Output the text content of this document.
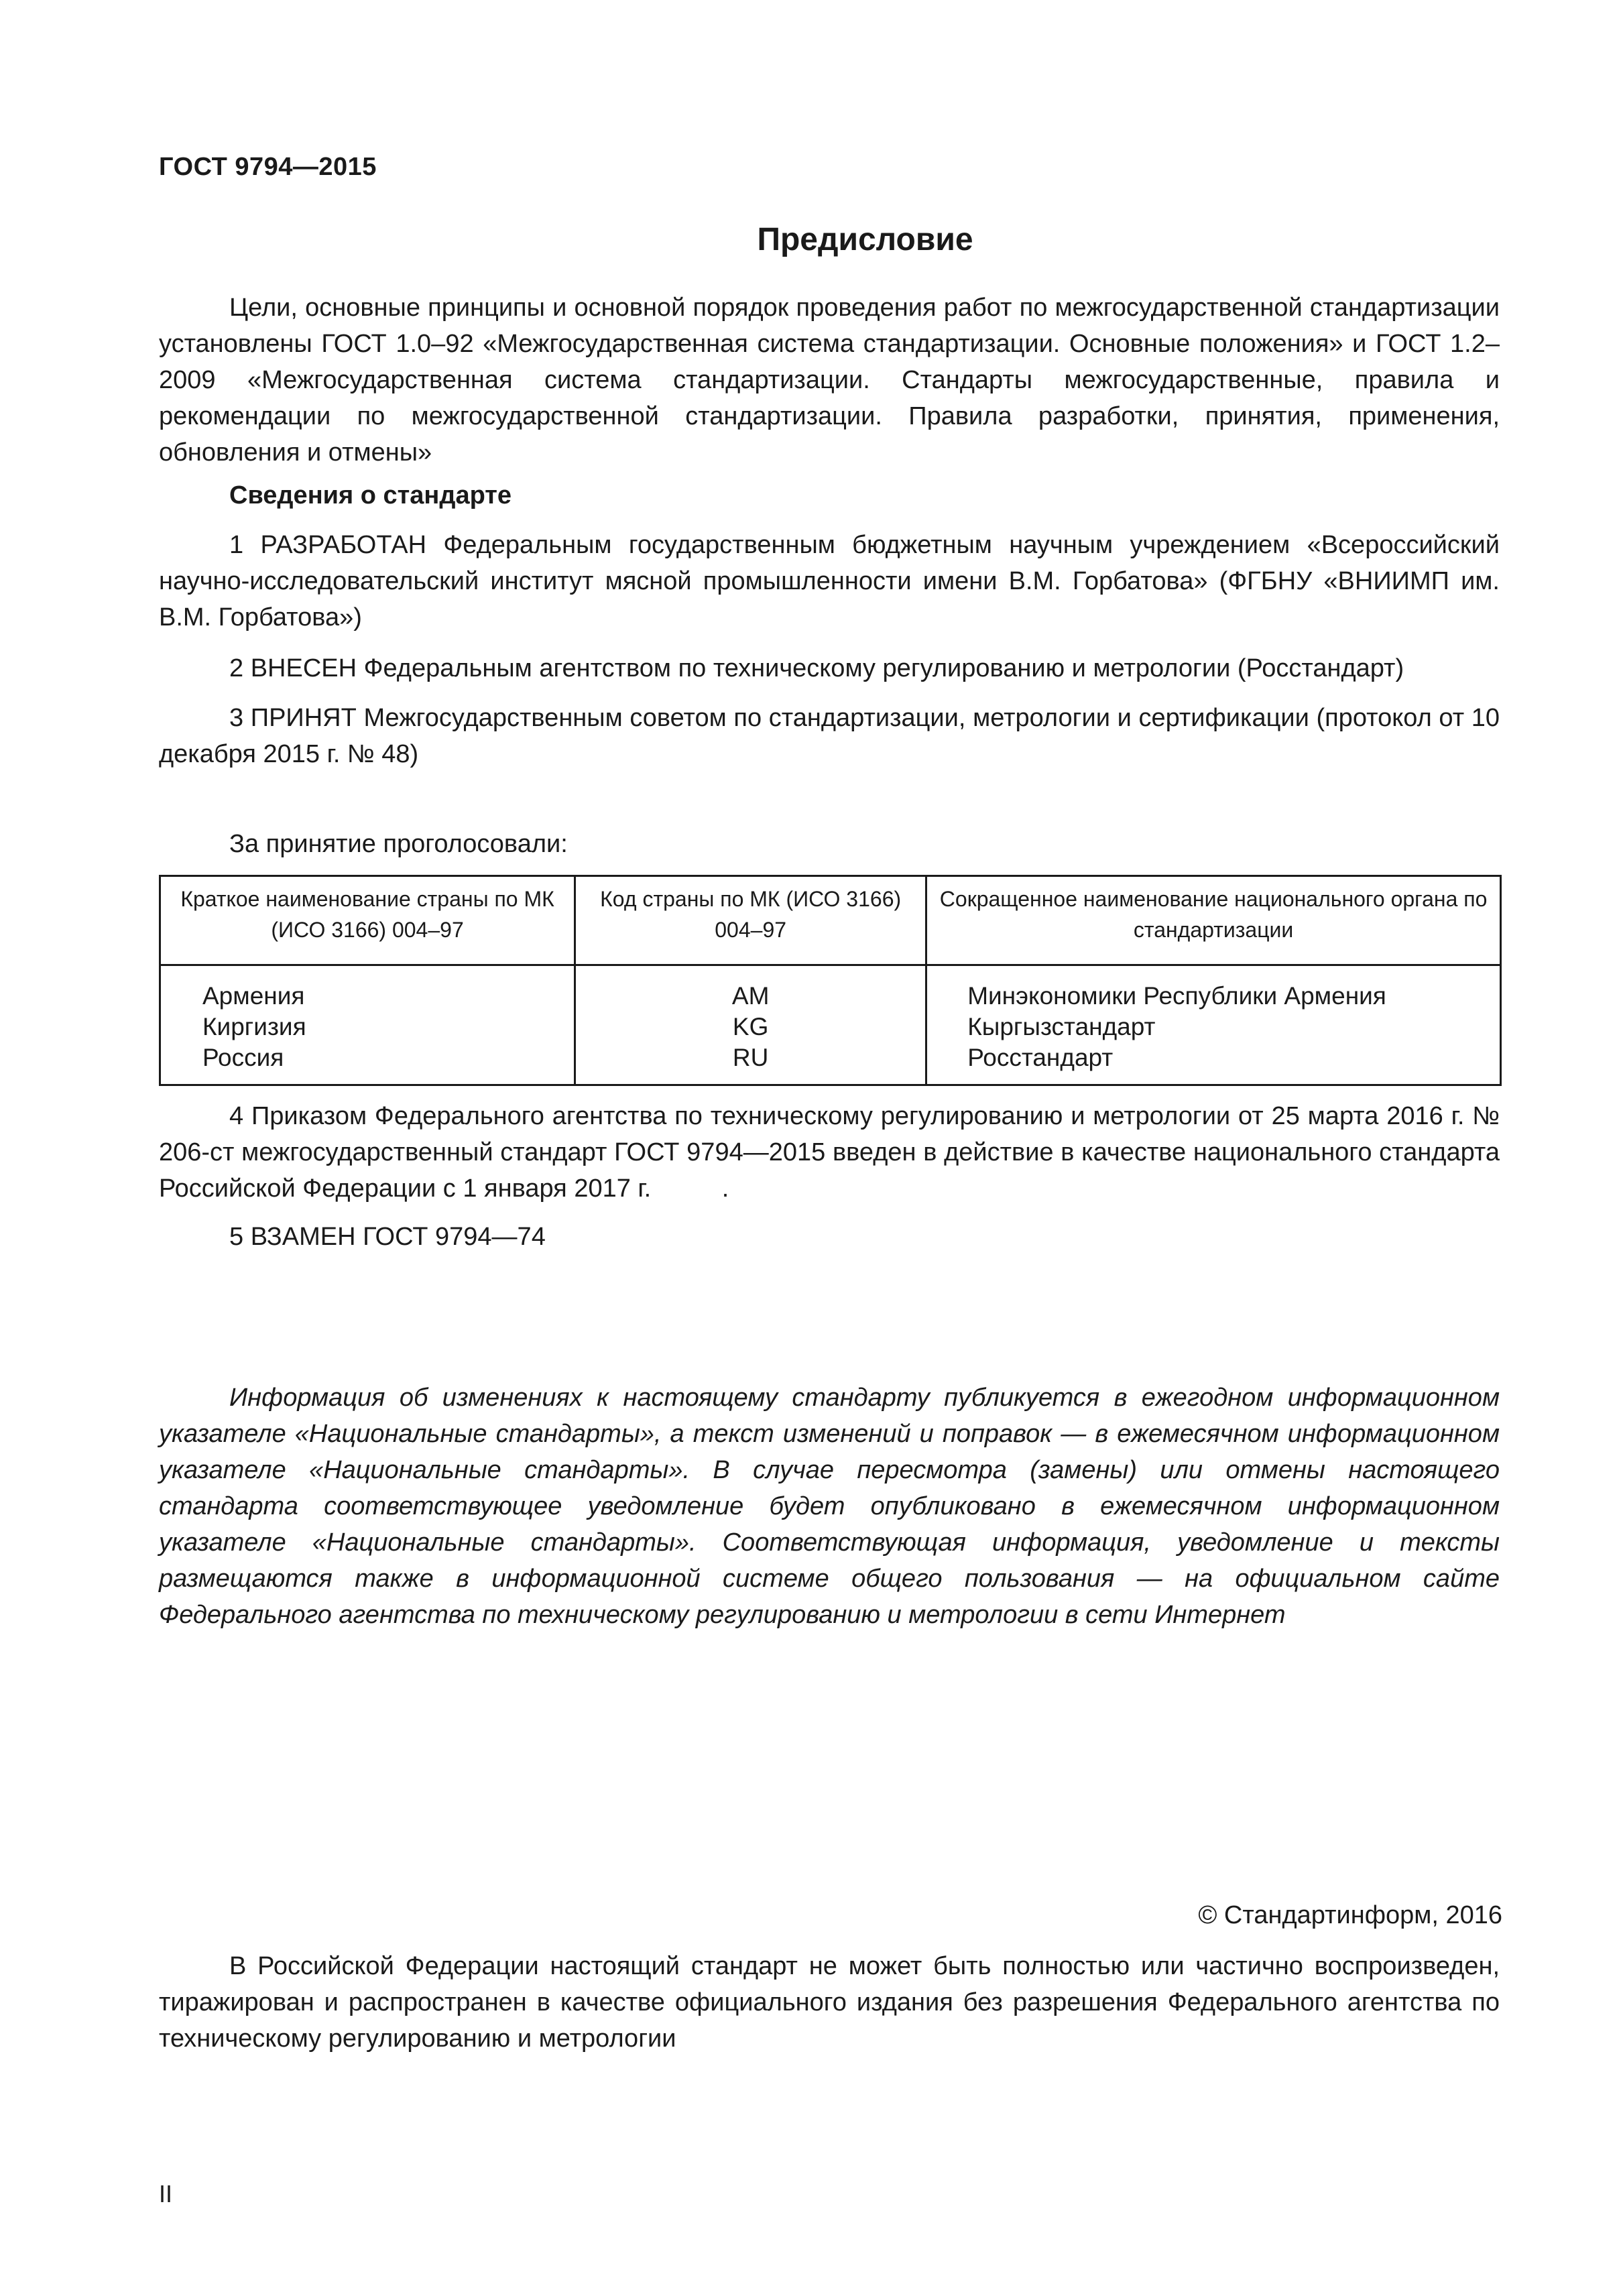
ГОСТ 9794—2015
Предисловие

Цели, основные принципы и основной порядок проведения работ по межгосударственной стандартизации установлены ГОСТ 1.0–92 «Межгосударственная система стандартизации. Основные положения» и ГОСТ 1.2–2009 «Межгосударственная система стандартизации. Стандарты межгосударственные, правила и рекомендации по межгосударственной стандартизации. Правила разработки, принятия, применения, обновления и отмены»

Сведения о стандарте

1 РАЗРАБОТАН Федеральным государственным бюджетным научным учреждением «Всероссийский научно-исследовательский институт мясной промышленности имени В.М. Горбатова» (ФГБНУ «ВНИИМП им. В.М. Горбатова»)

2 ВНЕСЕН Федеральным агентством по техническому регулированию и метрологии (Росстандарт)

3 ПРИНЯТ Межгосударственным советом по стандартизации, метрологии и сертификации (протокол от 10 декабря 2015 г. № 48)

За принятие проголосовали:

Краткое наименование страны по МК (ИСО 3166) 004–97	Код страны по МК (ИСО 3166) 004–97	Сокращенное наименование национального органа по стандартизации
Армения	AM	Минэкономики Республики Армения
Киргизия	KG	Кыргызстандарт
Россия	RU	Росстандарт

4 Приказом Федерального агентства по техническому регулированию и метрологии от 25 марта 2016 г. № 206-ст межгосударственный стандарт ГОСТ 9794—2015 введен в действие в качестве национального стандарта Российской Федерации с 1 января 2017 г.          .

5 ВЗАМЕН ГОСТ 9794—74

Информация об изменениях к настоящему стандарту публикуется в ежегодном информационном указателе «Национальные стандарты», а текст изменений и поправок — в ежемесячном информационном указателе «Национальные стандарты». В случае пересмотра (замены) или отмены настоящего стандарта соответствующее уведомление будет опубликовано в ежемесячном информационном указателе «Национальные стандарты». Соответствующая информация, уведомление и тексты размещаются также в информационной системе общего пользования — на официальном сайте Федерального агентства по техническому регулированию и метрологии в сети Интернет

© Стандартинформ, 2016

В Российской Федерации настоящий стандарт не может быть полностью или частично воспроизведен, тиражирован и распространен в качестве официального издания без разрешения Федерального агентства по техническому регулированию и метрологии

II
